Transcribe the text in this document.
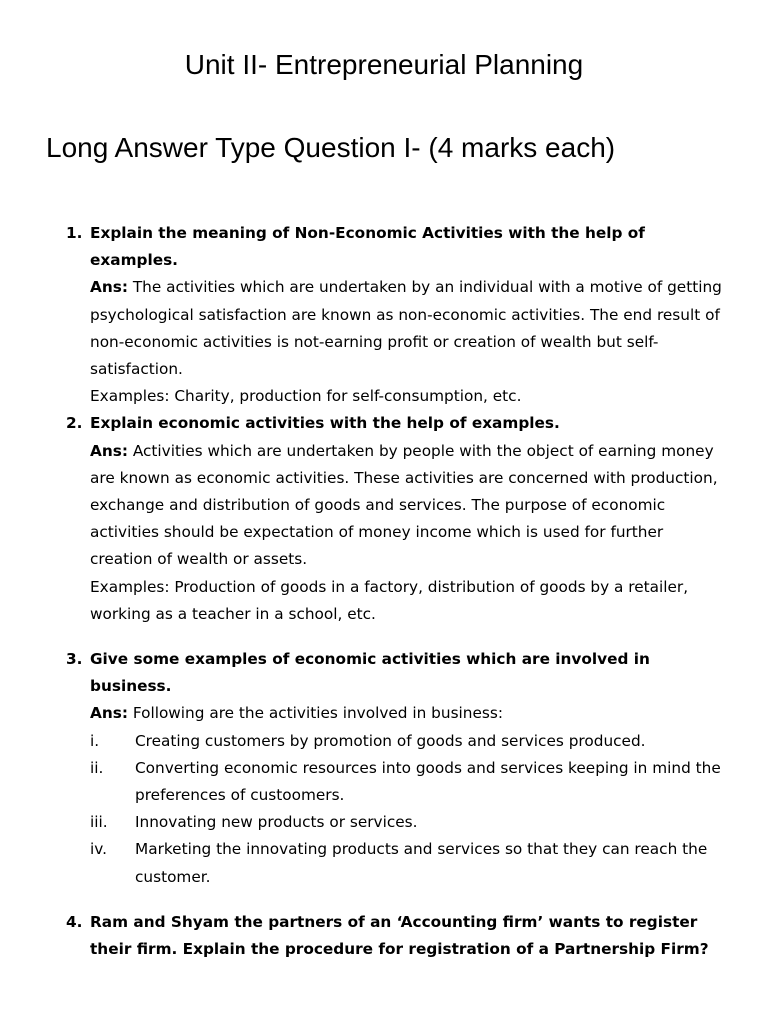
Unit II- Entrepreneurial Planning
Long Answer Type Question I- (4 marks each)
1. Explain the meaning of Non-Economic Activities with the help of examples.
Ans: The activities which are undertaken by an individual with a motive of getting psychological satisfaction are known as non-economic activities. The end result of non-economic activities is not-earning profit or creation of wealth but self-satisfaction.
Examples: Charity, production for self-consumption, etc.
2. Explain economic activities with the help of examples.
Ans: Activities which are undertaken by people with the object of earning money are known as economic activities. These activities are concerned with production, exchange and distribution of goods and services. The purpose of economic activities should be expectation of money income which is used for further creation of wealth or assets.
Examples: Production of goods in a factory, distribution of goods by a retailer, working as a teacher in a school, etc.
3. Give some examples of economic activities which are involved in business.
Ans: Following are the activities involved in business:
i. Creating customers by promotion of goods and services produced.
ii. Converting economic resources into goods and services keeping in mind the preferences of custoomers.
iii. Innovating new products or services.
iv. Marketing the innovating products and services so that they can reach the customer.
4. Ram and Shyam the partners of an ‘Accounting firm’ wants to register their firm. Explain the procedure for registration of a Partnership Firm?
